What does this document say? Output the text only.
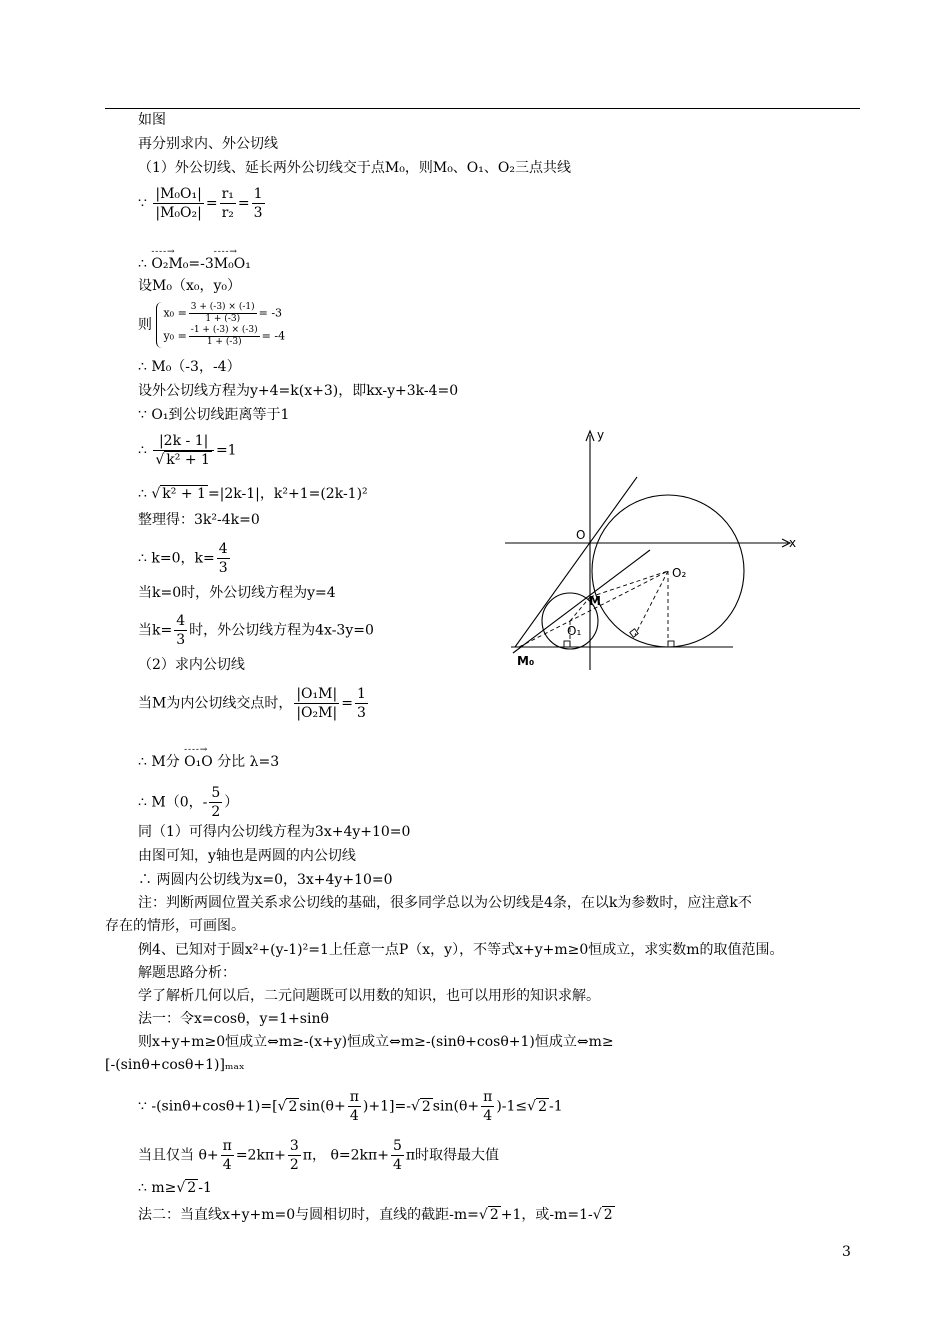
如图
再分别求内、外公切线
（1）外公切线、延长两外公切线交于点M₀，则M₀、O₁、O₂三点共线
∵ $\frac{\text{|M₀O₁|}}{\text{|M₀O₂|}} = \frac{\text{r₁}}{\text{r₂}} = \frac{1}{3}$
∴ - - - - → O₂M₀=-3- - - - → M₀O₁
设M₀（x₀，y₀）
则 $x_0 = \frac{3 + (-3) \times (-1)}{1 + (-3)} = -3$
$y_0 = \frac{-1 + (-3) \times (-3)}{1 + (-3)} = -4$
∴ M₀（-3，-4）
设外公切线方程为y+4=k(x+3)，即kx-y+3k-4=0
∵ O₁到公切线距离等于1
∴ $\frac{|2k - 1|}{\text{√ k² + 1}} =1$
∴ √ k² + 1 =|2k-1|，k²+1=(2k-1)²
整理得：3k²-4k=0
∴ k=0，$k= \frac{4}{3}$
当k=0时，外公切线方程为y=4
当$k= \frac{4}{3}$ 时，外公切线方程为4x-3y=0
（2）求内公切线
当M为内公切线交点时， $\frac{\text{|O₁M|}}{\text{|O₂M|}} = \frac{1}{3}$
∴ M分 - - - - → O₁O 分比 λ=3
∴ M（0，- $\frac{5}{2}$ ）
同（1）可得内公切线方程为3x+4y+10=0
由图可知，y轴也是两圆的内公切线
∴ 两圆内公切线为x=0，3x+4y+10=0
注：判断两圆位置关系求公切线的基础，很多同学总以为公切线是4条，在以k为参数时，应注意k不
存在的情形，可画图。
例4、已知对于圆x²+(y-1)²=1上任意一点P（x，y），不等式x+y+m≥0恒成立，求实数m的取值范围。
解题思路分析：
学了解析几何以后，二元问题既可以用数的知识，也可以用形的知识求解。
法一：令x=cosθ，y=1+sinθ
则x+y+m≥0恒成立⇔m≥-(x+y)恒成立⇔m≥-(sinθ+cosθ+1)恒成立⇔m≥
[-(sinθ+cosθ+1)]ₘₐₓ
∵ -(sinθ+cosθ+1)=[√ 2 $\sin(\theta+ \frac{\pi}{4} )+1]=-√$ 2 $\sin(\theta+ \frac{\pi}{4} )-1\le√$ 2 -1
当且仅当 $\theta+ \frac{\pi}{4} =2k\pi+ \frac{3}{2}$ π， $\theta=2k\pi+ \frac{5}{4}$ π时取得最大值
∴ m≥√ 2 -1
法二：当直线x+y+m=0与圆相切时，直线的截距-m=√ 2 +1，或-m=1-√ 2
y
x
O
O₂
O₁
M
M₀
3
